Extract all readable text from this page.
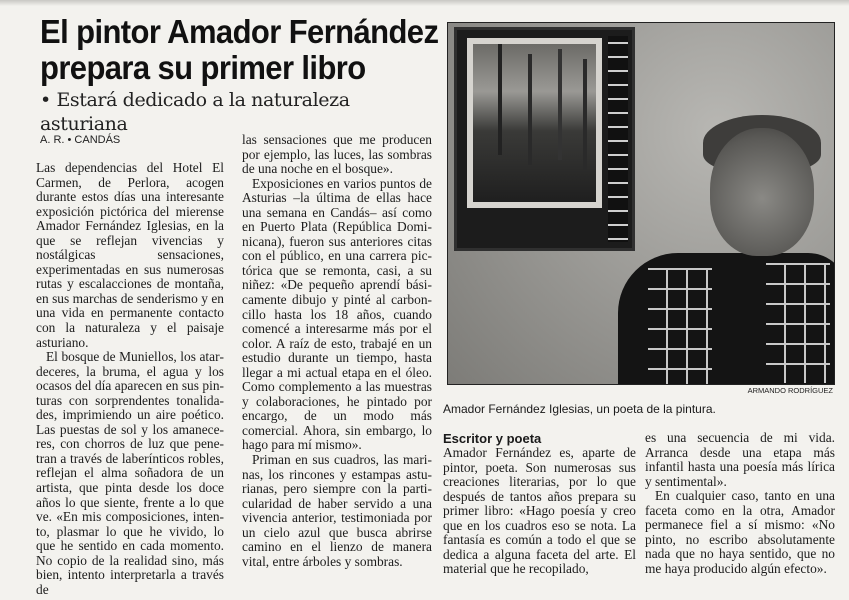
El pintor Amador Fernández prepara su primer libro
• Estará dedicado a la naturaleza asturiana
A. R. • CANDÁS

Las dependencias del Hotel El Carmen, de Perlora, acogen durante estos días una interesante exposición pictórica del mierense Amador Fernández Iglesias, en la que se reflejan vivencias y nostálgicas sensaciones, experimentadas en sus numerosas rutas y escalacciones de montaña, en sus marchas de senderismo y en una vida en permanente contacto con la naturaleza y el paisaje asturiano.

El bosque de Muniellos, los atardeceres, la bruma, el agua y los ocasos del día aparecen en sus pinturas con sorprendentes tonalidades, imprimiendo un aire poético. Las puestas de sol y los amaneceres, con chorros de luz que penetran a través de laberínticos robles, reflejan el alma soñadora de un artista, que pinta desde los doce años lo que siente, frente a lo que ve. «En mis composiciones, intento, plasmar lo que he vivido, lo que he sentido en cada momento. No copio de la realidad sino, más bien, intento interpretarla a través de

las sensaciones que me producen por ejemplo, las luces, las sombras de una noche en el bosque».

Exposiciones en varios puntos de Asturias –la última de ellas hace una semana en Candás– así como en Puerto Plata (República Dominicana), fueron sus anteriores citas con el público, en una carrera pictórica que se remonta, casi, a su niñez: «De pequeño aprendí básicamente dibujo y pinté al carboncillo hasta los 18 años, cuando comencé a interesarme más por el color. A raíz de esto, trabajé en un estudio durante un tiempo, hasta llegar a mi actual etapa en el óleo. Como complemento a las muestras y colaboraciones, he pintado por encargo, de un modo más comercial. Ahora, sin embargo, lo hago para mí mismo».

Priman en sus cuadros, las marinas, los rincones y estampas asturianas, pero siempre con la particularidad de haber servido a una vivencia anterior, testimoniada por un cielo azul que busca abrirse camino en el lienzo de manera vital, entre árboles y sombras.

ARMANDO RODRÍGUEZ
Amador Fernández Iglesias, un poeta de la pintura.
Escritor y poeta

Amador Fernández es, aparte de pintor, poeta. Son numerosas sus creaciones literarias, por lo que después de tantos años prepara su primer libro: «Hago poesía y creo que en los cuadros eso se nota. La fantasía es común a todo el que se dedica a alguna faceta del arte. El material que he recopilado,

es una secuencia de mi vida. Arranca desde una etapa más infantil hasta una poesía más lírica y sentimental».

En cualquier caso, tanto en una faceta como en la otra, Amador permanece fiel a sí mismo: «No pinto, no escribo absolutamente nada que no haya sentido, que no me haya producido algún efecto».
